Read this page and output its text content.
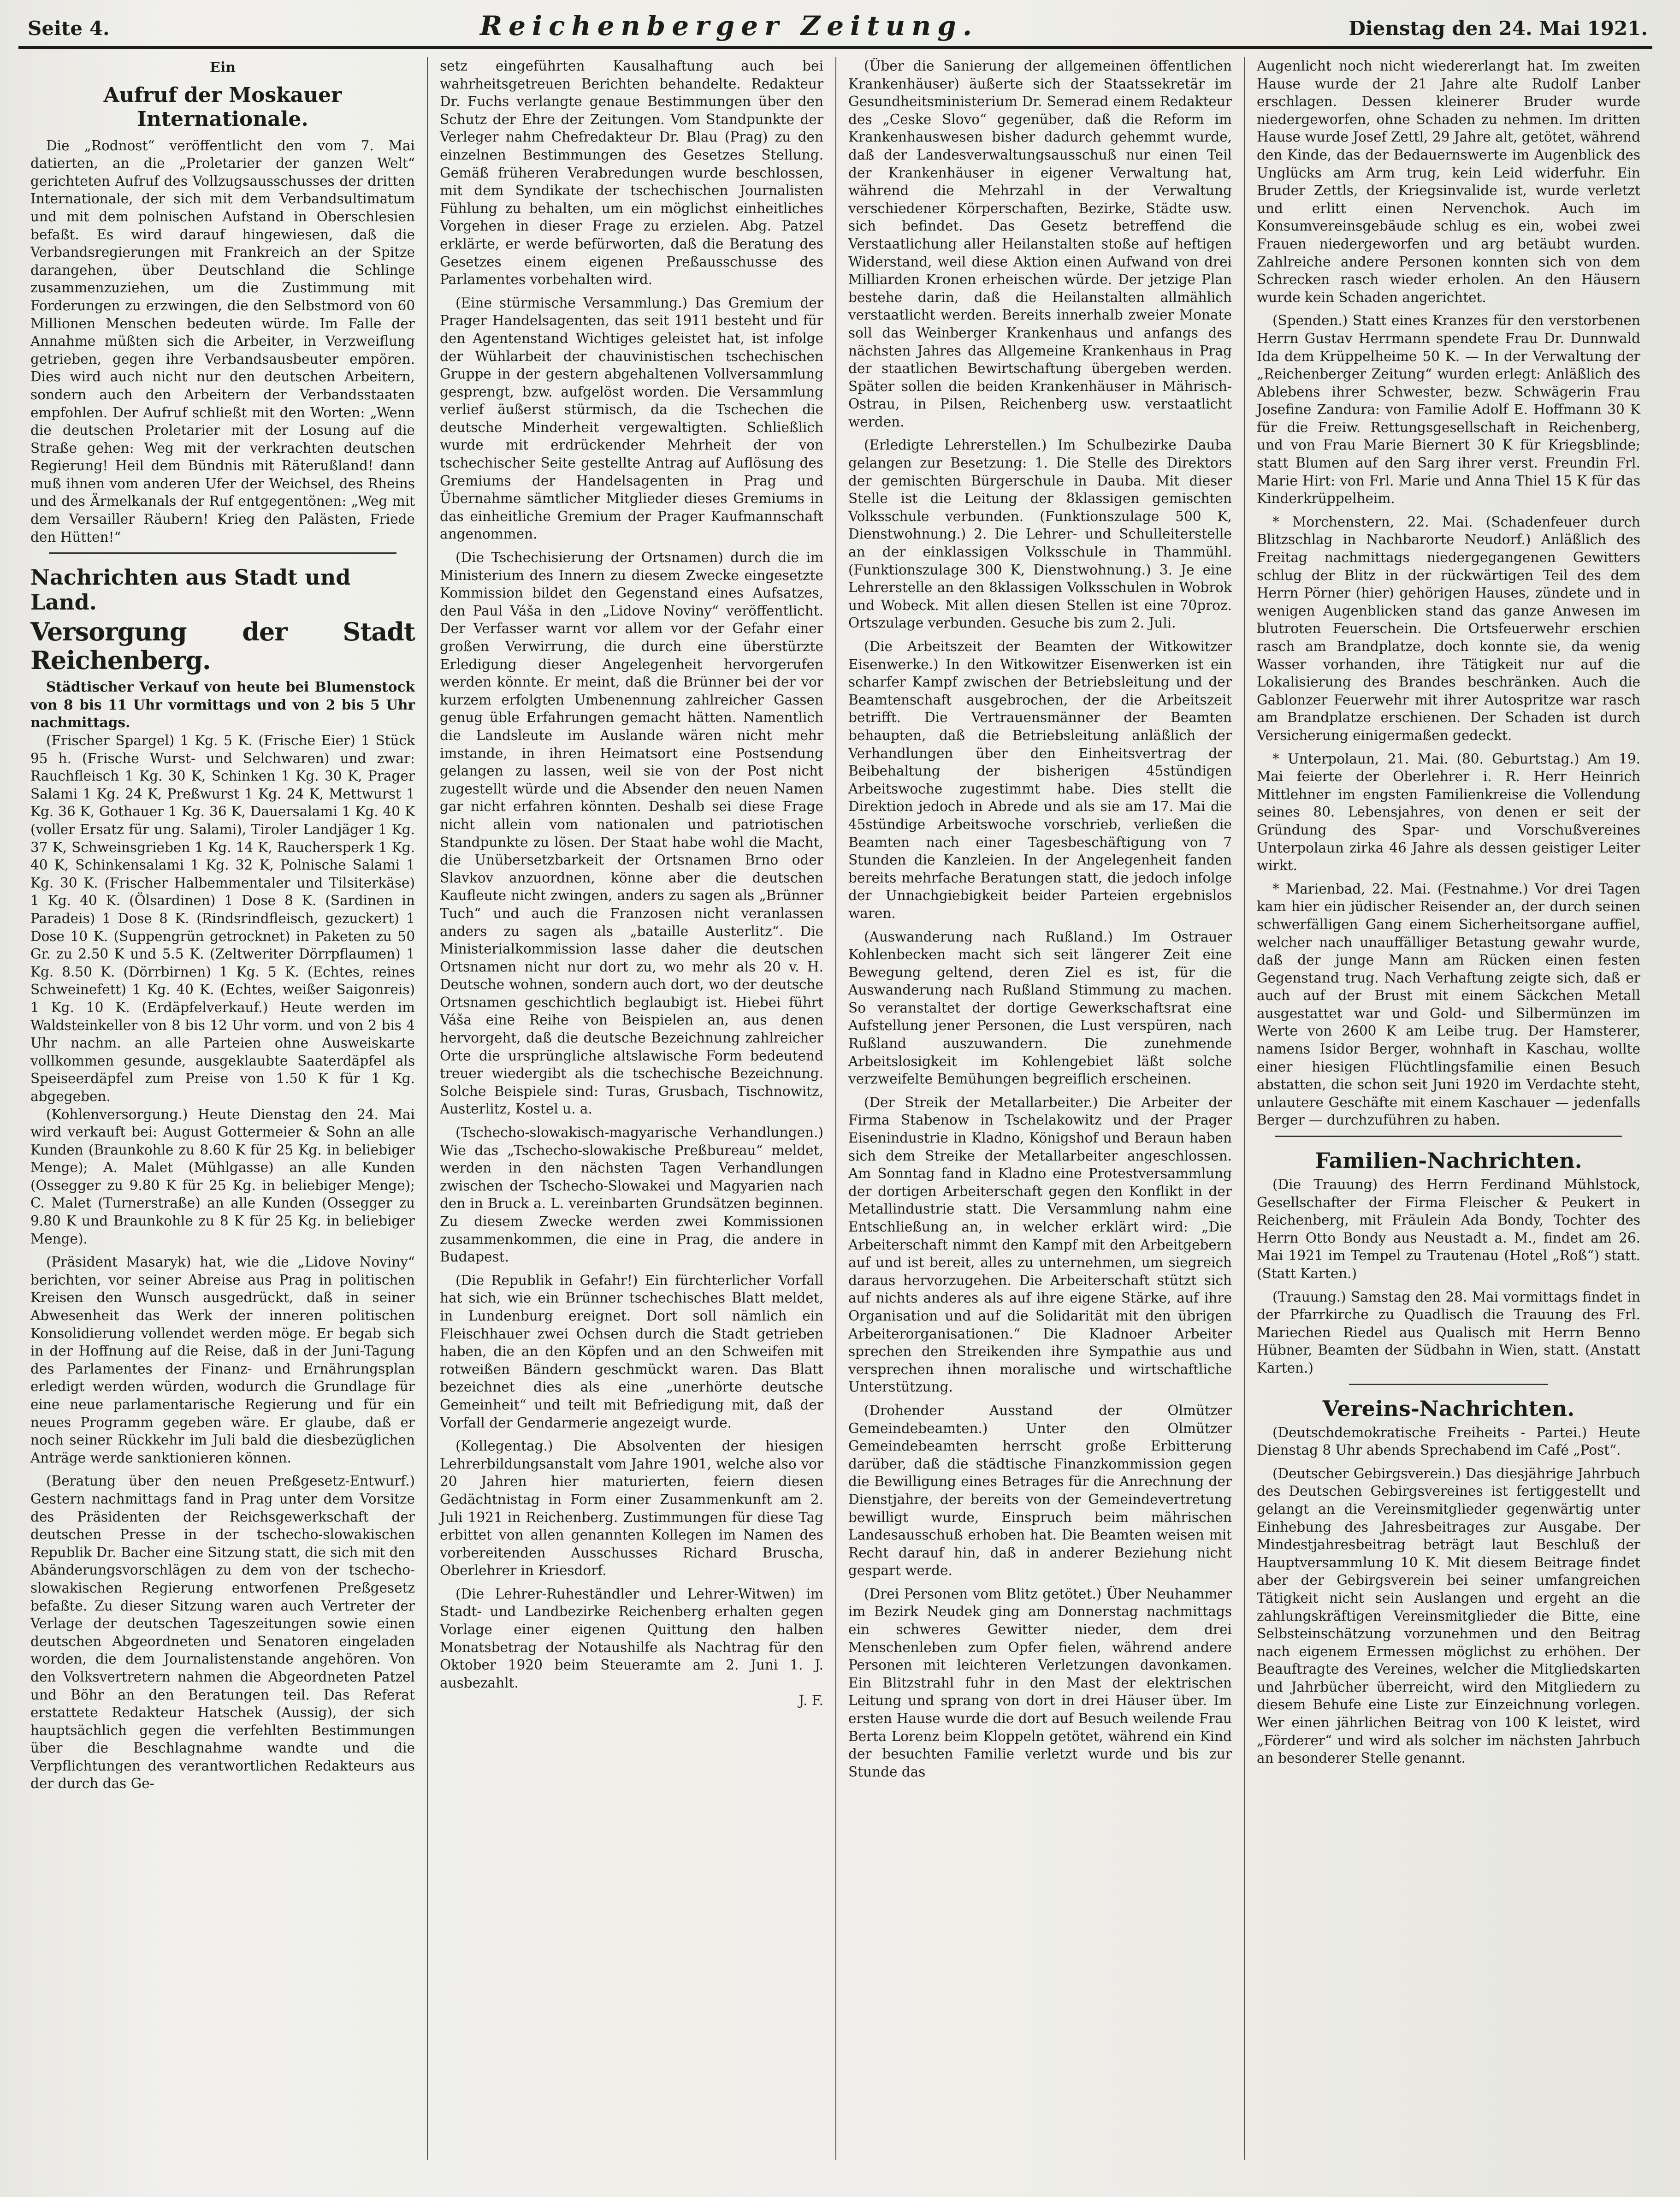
Seite 4.	Reichenberger Zeitung.	Dienstag den 24. Mai 1921.
Ein
Aufruf der Moskauer Internationale.

Die „Rodnost“ veröffentlicht den vom 7. Mai datierten, an die „Proletarier der ganzen Welt“ gerichteten Aufruf des Vollzugsausschusses der dritten Internationale, der sich mit dem Verbandsultimatum und mit dem polnischen Aufstand in Oberschlesien befaßt. Es wird darauf hingewiesen, daß die Verbandsregierungen mit Frankreich an der Spitze darangehen, über Deutschland die Schlinge zusammenzuziehen, um die Zustimmung mit Forderungen zu erzwingen, die den Selbstmord von 60 Millionen Menschen bedeuten würde. Im Falle der Annahme müßten sich die Arbeiter, in Verzweiflung getrieben, gegen ihre Verbandsausbeuter empören. Dies wird auch nicht nur den deutschen Arbeitern, sondern auch den Arbeitern der Verbandsstaaten empfohlen. Der Aufruf schließt mit den Worten: „Wenn die deutschen Proletarier mit der Losung auf die Straße gehen: Weg mit der verkrachten deutschen Regierung! Heil dem Bündnis mit Räterußland! dann muß ihnen vom anderen Ufer der Weichsel, des Rheins und des Ärmelkanals der Ruf entgegentönen: „Weg mit dem Versailler Räubern! Krieg den Palästen, Friede den Hütten!“

Nachrichten aus Stadt und Land.
Versorgung der Stadt Reichenberg.

Städtischer Verkauf von heute bei Blumenstock von 8 bis 11 Uhr vormittags und von 2 bis 5 Uhr nachmittags.

(Frischer Spargel) 1 Kg. 5 K. (Frische Eier) 1 Stück 95 h. (Frische Wurst- und Selchwaren) und zwar: Rauchfleisch 1 Kg. 30 K, Schinken 1 Kg. 30 K, Prager Salami 1 Kg. 24 K, Preßwurst 1 Kg. 24 K, Mettwurst 1 Kg. 36 K, Gothauer 1 Kg. 36 K, Dauersalami 1 Kg. 40 K (voller Ersatz für ung. Salami), Tiroler Landjäger 1 Kg. 37 K, Schweinsgrieben 1 Kg. 14 K, Rauchersperk 1 Kg. 40 K, Schinkensalami 1 Kg. 32 K, Polnische Salami 1 Kg. 30 K. (Frischer Halbemmentaler und Tilsiterkäse) 1 Kg. 40 K. (Ölsardinen) 1 Dose 8 K. (Sardinen in Paradeis) 1 Dose 8 K. (Rindsrindfleisch, gezuckert) 1 Dose 10 K. (Suppengrün getrocknet) in Paketen zu 50 Gr. zu 2.50 K und 5.5 K. (Zeltweriter Dörrpflaumen) 1 Kg. 8.50 K. (Dörrbirnen) 1 Kg. 5 K. (Echtes, reines Schweinefett) 1 Kg. 40 K. (Echtes, weißer Saigonreis) 1 Kg. 10 K. (Erdäpfelverkauf.) Heute werden im Waldsteinkeller von 8 bis 12 Uhr vorm. und von 2 bis 4 Uhr nachm. an alle Parteien ohne Ausweiskarte vollkommen gesunde, ausgeklaubte Saaterdäpfel als Speiseerdäpfel zum Preise von 1.50 K für 1 Kg. abgegeben.

(Kohlenversorgung.) Heute Dienstag den 24. Mai wird verkauft bei: August Gottermeier & Sohn an alle Kunden (Braunkohle zu 8.60 K für 25 Kg. in beliebiger Menge); A. Malet (Mühlgasse) an alle Kunden (Ossegger zu 9.80 K für 25 Kg. in beliebiger Menge); C. Malet (Turnerstraße) an alle Kunden (Ossegger zu 9.80 K und Braunkohle zu 8 K für 25 Kg. in beliebiger Menge).

(Präsident Masaryk) hat, wie die „Lidove Noviny“ berichten, vor seiner Abreise aus Prag in politischen Kreisen den Wunsch ausgedrückt, daß in seiner Abwesenheit das Werk der inneren politischen Konsolidierung vollendet werden möge. Er begab sich in der Hoffnung auf die Reise, daß in der Juni-Tagung des Parlamentes der Finanz- und Ernährungsplan erledigt werden würden, wodurch die Grundlage für eine neue parlamentarische Regierung und für ein neues Programm gegeben wäre. Er glaube, daß er noch seiner Rückkehr im Juli bald die diesbezüglichen Anträge werde sanktionieren können.

(Beratung über den neuen Preßgesetz-Entwurf.) Gestern nachmittags fand in Prag unter dem Vorsitze des Präsidenten der Reichsgewerkschaft der deutschen Presse in der tschecho-slowakischen Republik Dr. Bacher eine Sitzung statt, die sich mit den Abänderungsvorschlägen zu dem von der tschecho-slowakischen Regierung entworfenen Preßgesetz befaßte. Zu dieser Sitzung waren auch Vertreter der Verlage der deutschen Tageszeitungen sowie einen deutschen Abgeordneten und Senatoren eingeladen worden, die dem Journalistenstande angehören. Von den Volksvertretern nahmen die Abgeordneten Patzel und Böhr an den Beratungen teil. Das Referat erstattete Redakteur Hatschek (Aussig), der sich hauptsächlich gegen die verfehlten Bestimmungen über die Beschlagnahme wandte und die Verpflichtungen des verantwortlichen Redakteurs aus der durch das Ge-

setz eingeführten Kausalhaftung auch bei wahrheitsgetreuen Berichten behandelte. Redakteur Dr. Fuchs verlangte genaue Bestimmungen über den Schutz der Ehre der Zeitungen. Vom Standpunkte der Verleger nahm Chefredakteur Dr. Blau (Prag) zu den einzelnen Bestimmungen des Gesetzes Stellung. Gemäß früheren Verabredungen wurde beschlossen, mit dem Syndikate der tschechischen Journalisten Fühlung zu behalten, um ein möglichst einheitliches Vorgehen in dieser Frage zu erzielen. Abg. Patzel erklärte, er werde befürworten, daß die Beratung des Gesetzes einem eigenen Preßausschusse des Parlamentes vorbehalten wird.

(Eine stürmische Versammlung.) Das Gremium der Prager Handelsagenten, das seit 1911 besteht und für den Agentenstand Wichtiges geleistet hat, ist infolge der Wühlarbeit der chauvinistischen tschechischen Gruppe in der gestern abgehaltenen Vollversammlung gesprengt, bzw. aufgelöst worden. Die Versammlung verlief äußerst stürmisch, da die Tschechen die deutsche Minderheit vergewaltigten. Schließlich wurde mit erdrückender Mehrheit der von tschechischer Seite gestellte Antrag auf Auflösung des Gremiums der Handelsagenten in Prag und Übernahme sämtlicher Mitglieder dieses Gremiums in das einheitliche Gremium der Prager Kaufmannschaft angenommen.

(Die Tschechisierung der Ortsnamen) durch die im Ministerium des Innern zu diesem Zwecke eingesetzte Kommission bildet den Gegenstand eines Aufsatzes, den Paul Váša in den „Lidove Noviny“ veröffentlicht. Der Verfasser warnt vor allem vor der Gefahr einer großen Verwirrung, die durch eine überstürzte Erledigung dieser Angelegenheit hervorgerufen werden könnte. Er meint, daß die Brünner bei der vor kurzem erfolgten Umbenennung zahlreicher Gassen genug üble Erfahrungen gemacht hätten. Namentlich die Landsleute im Auslande wären nicht mehr imstande, in ihren Heimatsort eine Postsendung gelangen zu lassen, weil sie von der Post nicht zugestellt würde und die Absender den neuen Namen gar nicht erfahren könnten. Deshalb sei diese Frage nicht allein vom nationalen und patriotischen Standpunkte zu lösen. Der Staat habe wohl die Macht, die Unübersetzbarkeit der Ortsnamen Brno oder Slavkov anzuordnen, könne aber die deutschen Kaufleute nicht zwingen, anders zu sagen als „Brünner Tuch“ und auch die Franzosen nicht veranlassen anders zu sagen als „bataille Austerlitz“. Die Ministerialkommission lasse daher die deutschen Ortsnamen nicht nur dort zu, wo mehr als 20 v. H. Deutsche wohnen, sondern auch dort, wo der deutsche Ortsnamen geschichtlich beglaubigt ist. Hiebei führt Váša eine Reihe von Beispielen an, aus denen hervorgeht, daß die deutsche Bezeichnung zahlreicher Orte die ursprüngliche altslawische Form bedeutend treuer wiedergibt als die tschechische Bezeichnung. Solche Beispiele sind: Turas, Grusbach, Tischnowitz, Austerlitz, Kostel u. a.

(Tschecho-slowakisch-magyarische Verhandlungen.) Wie das „Tschecho-slowakische Preßbureau“ meldet, werden in den nächsten Tagen Verhandlungen zwischen der Tschecho-Slowakei und Magyarien nach den in Bruck a. L. vereinbarten Grundsätzen beginnen. Zu diesem Zwecke werden zwei Kommissionen zusammenkommen, die eine in Prag, die andere in Budapest.

(Die Republik in Gefahr!) Ein fürchterlicher Vorfall hat sich, wie ein Brünner tschechisches Blatt meldet, in Lundenburg ereignet. Dort soll nämlich ein Fleischhauer zwei Ochsen durch die Stadt getrieben haben, die an den Köpfen und an den Schweifen mit rotweißen Bändern geschmückt waren. Das Blatt bezeichnet dies als eine „unerhörte deutsche Gemeinheit“ und teilt mit Befriedigung mit, daß der Vorfall der Gendarmerie angezeigt wurde.

(Kollegentag.) Die Absolventen der hiesigen Lehrerbildungsanstalt vom Jahre 1901, welche also vor 20 Jahren hier maturierten, feiern diesen Gedächtnistag in Form einer Zusammenkunft am 2. Juli 1921 in Reichenberg. Zustimmungen für diese Tag erbittet von allen genannten Kollegen im Namen des vorbereitenden Ausschusses Richard Bruscha, Oberlehrer in Kriesdorf.

(Die Lehrer-Ruheständler und Lehrer-Witwen) im Stadt- und Landbezirke Reichenberg erhalten gegen Vorlage einer eigenen Quittung den halben Monatsbetrag der Notaushilfe als Nachtrag für den Oktober 1920 beim Steueramte am 2. Juni 1. J. ausbezahlt.

J. F.

(Über die Sanierung der allgemeinen öffentlichen Krankenhäuser) äußerte sich der Staatssekretär im Gesundheitsministerium Dr. Semerad einem Redakteur des „Ceske Slovo“ gegenüber, daß die Reform im Krankenhauswesen bisher dadurch gehemmt wurde, daß der Landesverwaltungsausschuß nur einen Teil der Krankenhäuser in eigener Verwaltung hat, während die Mehrzahl in der Verwaltung verschiedener Körperschaften, Bezirke, Städte usw. sich befindet. Das Gesetz betreffend die Verstaatlichung aller Heilanstalten stoße auf heftigen Widerstand, weil diese Aktion einen Aufwand von drei Milliarden Kronen erheischen würde. Der jetzige Plan bestehe darin, daß die Heilanstalten allmählich verstaatlicht werden. Bereits innerhalb zweier Monate soll das Weinberger Krankenhaus und anfangs des nächsten Jahres das Allgemeine Krankenhaus in Prag der staatlichen Bewirtschaftung übergeben werden. Später sollen die beiden Krankenhäuser in Mährisch-Ostrau, in Pilsen, Reichenberg usw. verstaatlicht werden.

(Erledigte Lehrerstellen.) Im Schulbezirke Dauba gelangen zur Besetzung: 1. Die Stelle des Direktors der gemischten Bürgerschule in Dauba. Mit dieser Stelle ist die Leitung der 8klassigen gemischten Volksschule verbunden. (Funktionszulage 500 K, Dienstwohnung.) 2. Die Lehrer- und Schulleiterstelle an der einklassigen Volksschule in Thammühl. (Funktionszulage 300 K, Dienstwohnung.) 3. Je eine Lehrerstelle an den 8klassigen Volksschulen in Wobrok und Wobeck. Mit allen diesen Stellen ist eine 70proz. Ortszulage verbunden. Gesuche bis zum 2. Juli.

(Die Arbeitszeit der Beamten der Witkowitzer Eisenwerke.) In den Witkowitzer Eisenwerken ist ein scharfer Kampf zwischen der Betriebsleitung und der Beamtenschaft ausgebrochen, der die Arbeitszeit betrifft. Die Vertrauensmänner der Beamten behaupten, daß die Betriebsleitung anläßlich der Verhandlungen über den Einheitsvertrag der Beibehaltung der bisherigen 45stündigen Arbeitswoche zugestimmt habe. Dies stellt die Direktion jedoch in Abrede und als sie am 17. Mai die 45stündige Arbeitswoche vorschrieb, verließen die Beamten nach einer Tagesbeschäftigung von 7 Stunden die Kanzleien. In der Angelegenheit fanden bereits mehrfache Beratungen statt, die jedoch infolge der Unnachgiebigkeit beider Parteien ergebnislos waren.

(Auswanderung nach Rußland.) Im Ostrauer Kohlenbecken macht sich seit längerer Zeit eine Bewegung geltend, deren Ziel es ist, für die Auswanderung nach Rußland Stimmung zu machen. So veranstaltet der dortige Gewerkschaftsrat eine Aufstellung jener Personen, die Lust verspüren, nach Rußland auszuwandern. Die zunehmende Arbeitslosigkeit im Kohlengebiet läßt solche verzweifelte Bemühungen begreiflich erscheinen.

(Der Streik der Metallarbeiter.) Die Arbeiter der Firma Stabenow in Tschelakowitz und der Prager Eisenindustrie in Kladno, Königshof und Beraun haben sich dem Streike der Metallarbeiter angeschlossen. Am Sonntag fand in Kladno eine Protestversammlung der dortigen Arbeiterschaft gegen den Konflikt in der Metallindustrie statt. Die Versammlung nahm eine Entschließung an, in welcher erklärt wird: „Die Arbeiterschaft nimmt den Kampf mit den Arbeitgebern auf und ist bereit, alles zu unternehmen, um siegreich daraus hervorzugehen. Die Arbeiterschaft stützt sich auf nichts anderes als auf ihre eigene Stärke, auf ihre Organisation und auf die Solidarität mit den übrigen Arbeiterorganisationen.“ Die Kladnoer Arbeiter sprechen den Streikenden ihre Sympathie aus und versprechen ihnen moralische und wirtschaftliche Unterstützung.

(Drohender Ausstand der Olmützer Gemeindebeamten.) Unter den Olmützer Gemeindebeamten herrscht große Erbitterung darüber, daß die städtische Finanzkommission gegen die Bewilligung eines Betrages für die Anrechnung der Dienstjahre, der bereits von der Gemeindevertretung bewilligt wurde, Einspruch beim mährischen Landesausschuß erhoben hat. Die Beamten weisen mit Recht darauf hin, daß in anderer Beziehung nicht gespart werde.

(Drei Personen vom Blitz getötet.) Über Neuhammer im Bezirk Neudek ging am Donnerstag nachmittags ein schweres Gewitter nieder, dem drei Menschenleben zum Opfer fielen, während andere Personen mit leichteren Verletzungen davonkamen. Ein Blitzstrahl fuhr in den Mast der elektrischen Leitung und sprang von dort in drei Häuser über. Im ersten Hause wurde die dort auf Besuch weilende Frau Berta Lorenz beim Kloppeln getötet, während ein Kind der besuchten Familie verletzt wurde und bis zur Stunde das

Augenlicht noch nicht wiedererlangt hat. Im zweiten Hause wurde der 21 Jahre alte Rudolf Lanber erschlagen. Dessen kleinerer Bruder wurde niedergeworfen, ohne Schaden zu nehmen. Im dritten Hause wurde Josef Zettl, 29 Jahre alt, getötet, während den Kinde, das der Bedauernswerte im Augenblick des Unglücks am Arm trug, kein Leid widerfuhr. Ein Bruder Zettls, der Kriegsinvalide ist, wurde verletzt und erlitt einen Nervenchok. Auch im Konsumvereinsgebäude schlug es ein, wobei zwei Frauen niedergeworfen und arg betäubt wurden. Zahlreiche andere Personen konnten sich von dem Schrecken rasch wieder erholen. An den Häusern wurde kein Schaden angerichtet.

(Spenden.) Statt eines Kranzes für den verstorbenen Herrn Gustav Herrmann spendete Frau Dr. Dunnwald Ida dem Krüppelheime 50 K. — In der Verwaltung der „Reichenberger Zeitung“ wurden erlegt: Anläßlich des Ablebens ihrer Schwester, bezw. Schwägerin Frau Josefine Zandura: von Familie Adolf E. Hoffmann 30 K für die Freiw. Rettungsgesellschaft in Reichenberg, und von Frau Marie Biernert 30 K für Kriegsblinde; statt Blumen auf den Sarg ihrer verst. Freundin Frl. Marie Hirt: von Frl. Marie und Anna Thiel 15 K für das Kinderkrüppelheim.

* Morchenstern, 22. Mai. (Schadenfeuer durch Blitzschlag in Nachbarorte Neudorf.) Anläßlich des Freitag nachmittags niedergegangenen Gewitters schlug der Blitz in der rückwärtigen Teil des dem Herrn Pörner (hier) gehörigen Hauses, zündete und in wenigen Augenblicken stand das ganze Anwesen im blutroten Feuerschein. Die Ortsfeuerwehr erschien rasch am Brandplatze, doch konnte sie, da wenig Wasser vorhanden, ihre Tätigkeit nur auf die Lokalisierung des Brandes beschränken. Auch die Gablonzer Feuerwehr mit ihrer Autospritze war rasch am Brandplatze erschienen. Der Schaden ist durch Versicherung einigermaßen gedeckt.

* Unterpolaun, 21. Mai. (80. Geburtstag.) Am 19. Mai feierte der Oberlehrer i. R. Herr Heinrich Mittlehner im engsten Familienkreise die Vollendung seines 80. Lebensjahres, von denen er seit der Gründung des Spar- und Vorschußvereines Unterpolaun zirka 46 Jahre als dessen geistiger Leiter wirkt.

* Marienbad, 22. Mai. (Festnahme.) Vor drei Tagen kam hier ein jüdischer Reisender an, der durch seinen schwerfälligen Gang einem Sicherheitsorgane auffiel, welcher nach unauffälliger Betastung gewahr wurde, daß der junge Mann am Rücken einen festen Gegenstand trug. Nach Verhaftung zeigte sich, daß er auch auf der Brust mit einem Säckchen Metall ausgestattet war und Gold- und Silbermünzen im Werte von 2600 K am Leibe trug. Der Hamsterer, namens Isidor Berger, wohnhaft in Kaschau, wollte einer hiesigen Flüchtlingsfamilie einen Besuch abstatten, die schon seit Juni 1920 im Verdachte steht, unlautere Geschäfte mit einem Kaschauer — jedenfalls Berger — durchzuführen zu haben.

Familien-Nachrichten.

(Die Trauung) des Herrn Ferdinand Mühlstock, Gesellschafter der Firma Fleischer & Peukert in Reichenberg, mit Fräulein Ada Bondy, Tochter des Herrn Otto Bondy aus Neustadt a. M., findet am 26. Mai 1921 im Tempel zu Trautenau (Hotel „Roß“) statt. (Statt Karten.)

(Trauung.) Samstag den 28. Mai vormittags findet in der Pfarrkirche zu Quadlisch die Trauung des Frl. Mariechen Riedel aus Qualisch mit Herrn Benno Hübner, Beamten der Südbahn in Wien, statt. (Anstatt Karten.)

Vereins-Nachrichten.

(Deutschdemokratische Freiheits - Partei.) Heute Dienstag 8 Uhr abends Sprechabend im Café „Post“.

(Deutscher Gebirgsverein.) Das diesjährige Jahrbuch des Deutschen Gebirgsvereines ist fertiggestellt und gelangt an die Vereinsmitglieder gegenwärtig unter Einhebung des Jahresbeitrages zur Ausgabe. Der Mindestjahresbeitrag beträgt laut Beschluß der Hauptversammlung 10 K. Mit diesem Beitrage findet aber der Gebirgsverein bei seiner umfangreichen Tätigkeit nicht sein Auslangen und ergeht an die zahlungskräftigen Vereinsmitglieder die Bitte, eine Selbsteinschätzung vorzunehmen und den Beitrag nach eigenem Ermessen möglichst zu erhöhen. Der Beauftragte des Vereines, welcher die Mitgliedskarten und Jahrbücher überreicht, wird den Mitgliedern zu diesem Behufe eine Liste zur Einzeichnung vorlegen. Wer einen jährlichen Beitrag von 100 K leistet, wird „Förderer“ und wird als solcher im nächsten Jahrbuch an besonderer Stelle genannt.
